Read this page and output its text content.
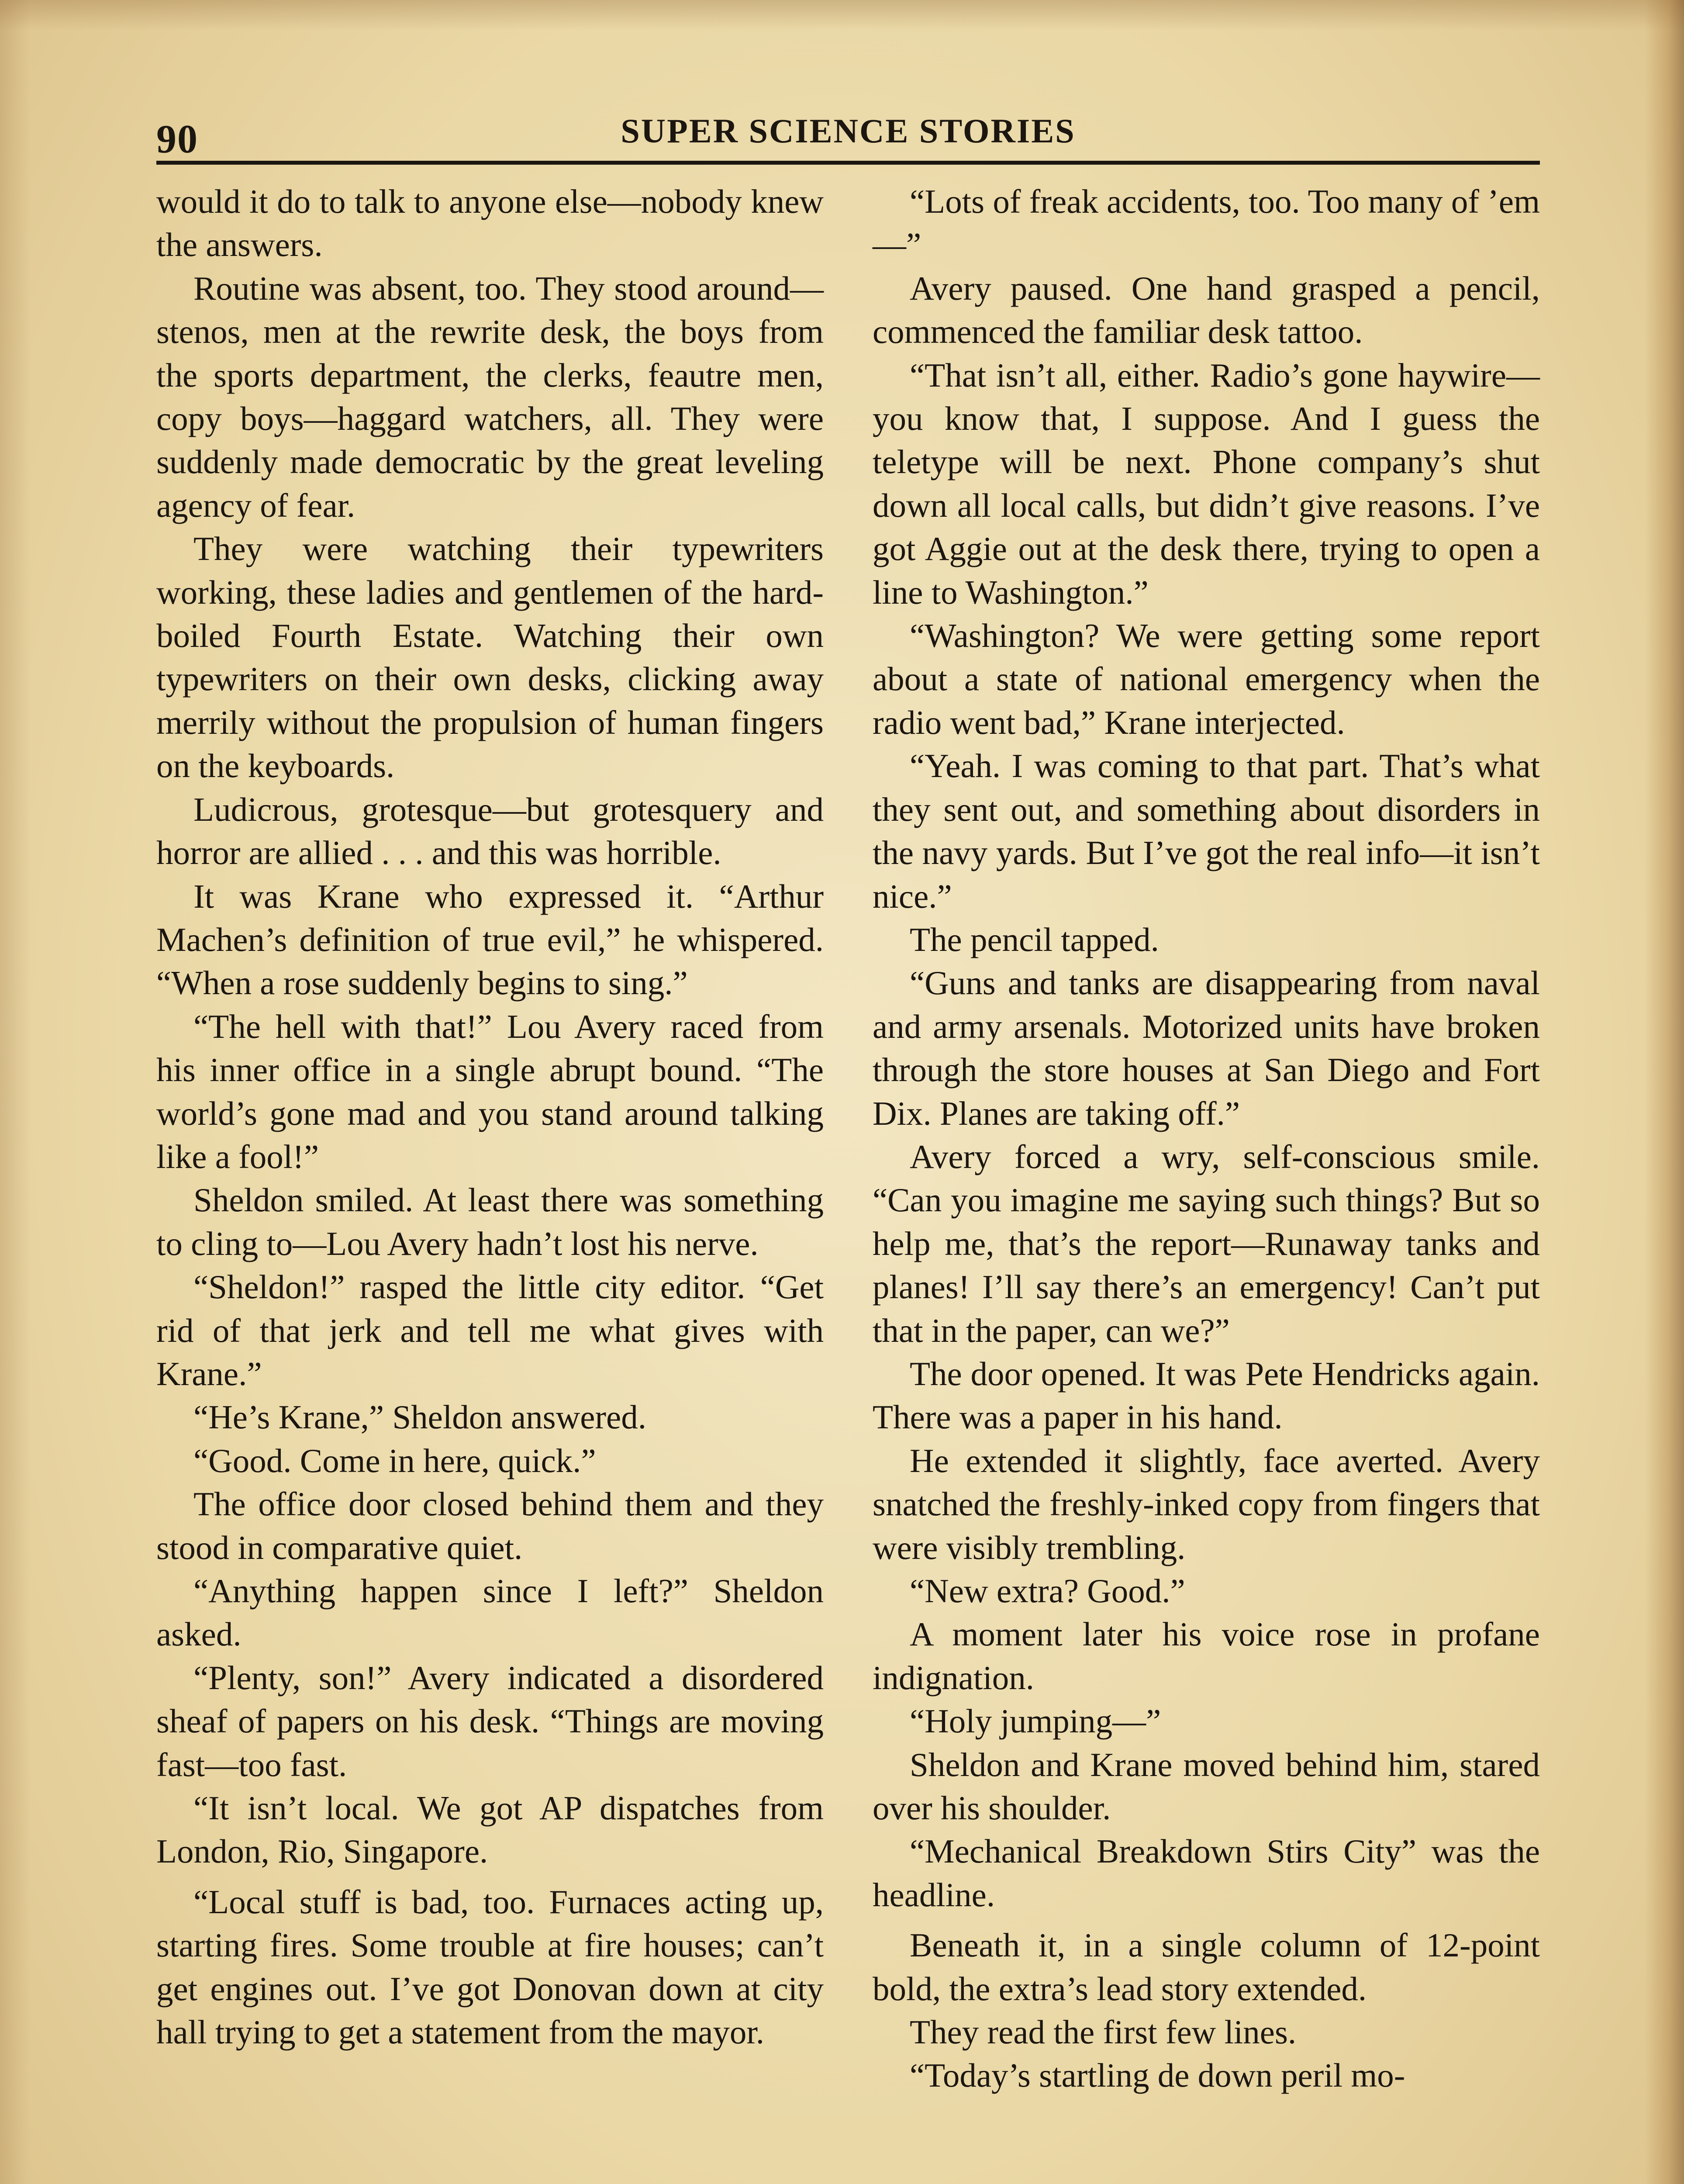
90	SUPER SCIENCE STORIES

would it do to talk to anyone else—nobody knew the answers.

Routine was absent, too. They stood around—stenos, men at the rewrite desk, the boys from the sports department, the clerks, feautre men, copy boys—haggard watchers, all. They were suddenly made democratic by the great leveling agency of fear.

They were watching their typewriters working, these ladies and gentlemen of the hard-boiled Fourth Estate. Watching their own typewriters on their own desks, clicking away merrily without the propulsion of human fingers on the keyboards.

Ludicrous, grotesque—but grotesquery and horror are allied . . . and this was horrible.

It was Krane who expressed it. “Arthur Machen’s definition of true evil,” he whispered. “When a rose suddenly begins to sing.”

“The hell with that!” Lou Avery raced from his inner office in a single abrupt bound. “The world’s gone mad and you stand around talking like a fool!”

Sheldon smiled. At least there was something to cling to—Lou Avery hadn’t lost his nerve.

“Sheldon!” rasped the little city editor. “Get rid of that jerk and tell me what gives with Krane.”

“He’s Krane,” Sheldon answered.

“Good. Come in here, quick.”

The office door closed behind them and they stood in comparative quiet.

“Anything happen since I left?” Sheldon asked.

“Plenty, son!” Avery indicated a disordered sheaf of papers on his desk. “Things are moving fast—too fast.

“It isn’t local. We got AP dispatches from London, Rio, Singapore.

“Local stuff is bad, too. Furnaces acting up, starting fires. Some trouble at fire houses; can’t get engines out. I’ve got Donovan down at city hall trying to get a statement from the mayor.

“Lots of freak accidents, too. Too many of ’em—”

Avery paused. One hand grasped a pencil, commenced the familiar desk tattoo.

“That isn’t all, either. Radio’s gone haywire—you know that, I suppose. And I guess the teletype will be next. Phone company’s shut down all local calls, but didn’t give reasons. I’ve got Aggie out at the desk there, trying to open a line to Washington.”

“Washington? We were getting some report about a state of national emergency when the radio went bad,” Krane interjected.

“Yeah. I was coming to that part. That’s what they sent out, and something about disorders in the navy yards. But I’ve got the real info—it isn’t nice.”

The pencil tapped.

“Guns and tanks are disappearing from naval and army arsenals. Motorized units have broken through the store houses at San Diego and Fort Dix. Planes are taking off.”

Avery forced a wry, self-conscious smile. “Can you imagine me saying such things? But so help me, that’s the report—Runaway tanks and planes! I’ll say there’s an emergency! Can’t put that in the paper, can we?”

The door opened. It was Pete Hendricks again. There was a paper in his hand.

He extended it slightly, face averted. Avery snatched the freshly-inked copy from fingers that were visibly trembling.

“New extra? Good.”

A moment later his voice rose in profane indignation.

“Holy jumping—”

Sheldon and Krane moved behind him, stared over his shoulder.

“Mechanical Breakdown Stirs City” was the headline.

Beneath it, in a single column of 12-point bold, the extra’s lead story extended.

They read the first few lines.

“Today’s startling de down peril mo-
